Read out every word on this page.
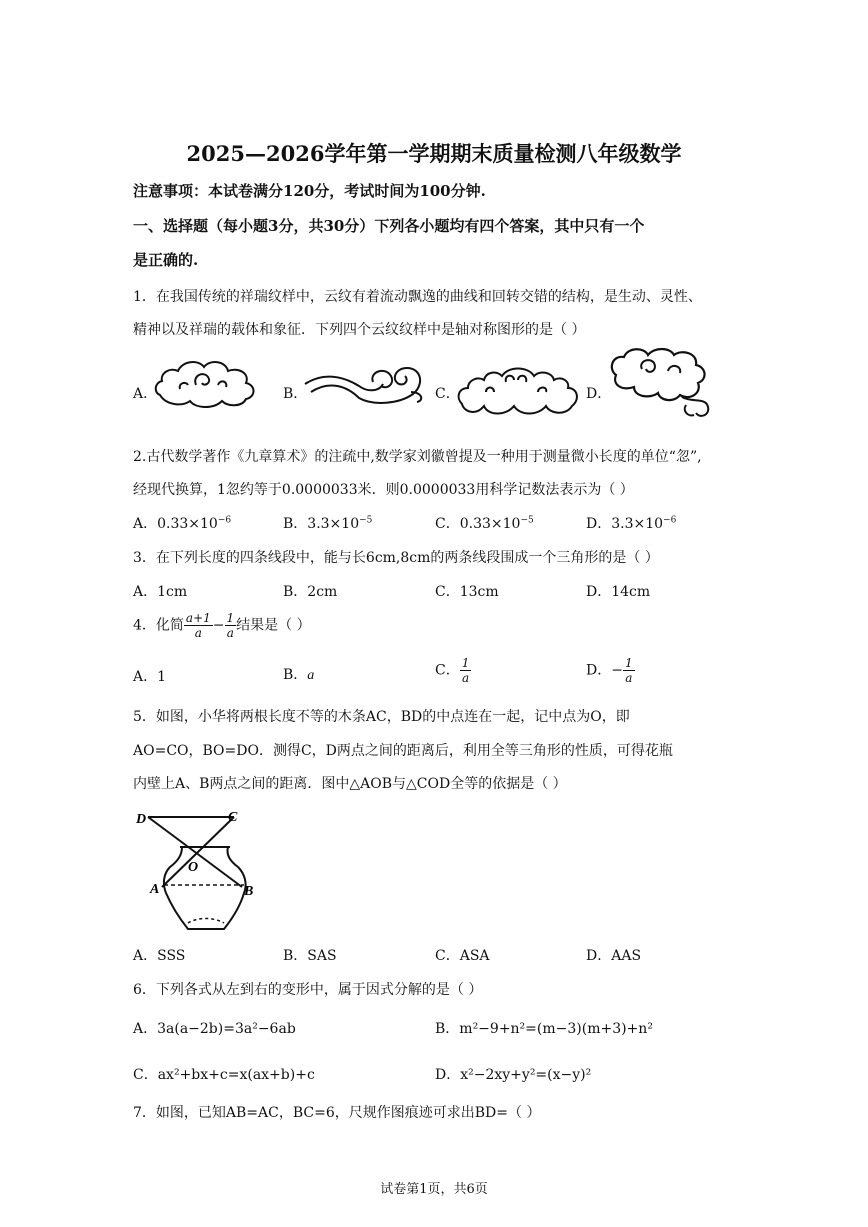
2025—2026学年第一学期期末质量检测八年级数学
注意事项：本试卷满分120分，考试时间为100分钟.
一、选择题（每小题3分，共30分）下列各小题均有四个答案，其中只有一个
是正确的.
1．在我国传统的祥瑞纹样中，云纹有着流动飘逸的曲线和回转交错的结构，是生动、灵性、
精神以及祥瑞的载体和象征．下列四个云纹纹样中是轴对称图形的是（ ）
A．	B．	C．	D．
2.古代数学著作《九章算术》的注疏中,数学家刘徽曾提及一种用于测量微小长度的单位“忽”,
经现代换算，1忽约等于0.0000033米．则0.0000033用科学记数法表示为（ ）
A．$0.33\times 10^{-6}$	B．$3.3\times 10^{-5}$	C．$0.33\times 10^{-5}$	D．$3.3\times 10^{-6}$
3．在下列长度的四条线段中，能与长6cm,8cm的两条线段围成一个三角形的是（ ）
A．1cm	B．2cm	C．13cm	D．14cm
4．化简 $\frac{a+1}{a} - \frac{1}{a}$ 结果是（ ）
A．1	B．a	C． $\frac{1}{a}$	D．− $\frac{1}{a}$
5．如图，小华将两根长度不等的木条AC，BD的中点连在一起，记中点为O，即
AO=CO，BO=DO．测得C，D两点之间的距离后，利用全等三角形的性质，可得花瓶
内壁上A、B两点之间的距离．图中△AOB与△COD全等的依据是（ ）
D	C
O
A	B
A．SSS	B．SAS	C．ASA	D．AAS
6．下列各式从左到右的变形中，属于因式分解的是（ ）
A．3a(a−2b)=3a²−6ab	B．m²−9+n²=(m−3)(m+3)+n²
C．ax²+bx+c=x(ax+b)+c	D．x²−2xy+y²=(x−y)²
7．如图，已知AB=AC，BC=6，尺规作图痕迹可求出BD=（ ）
试卷第1页，共6页
